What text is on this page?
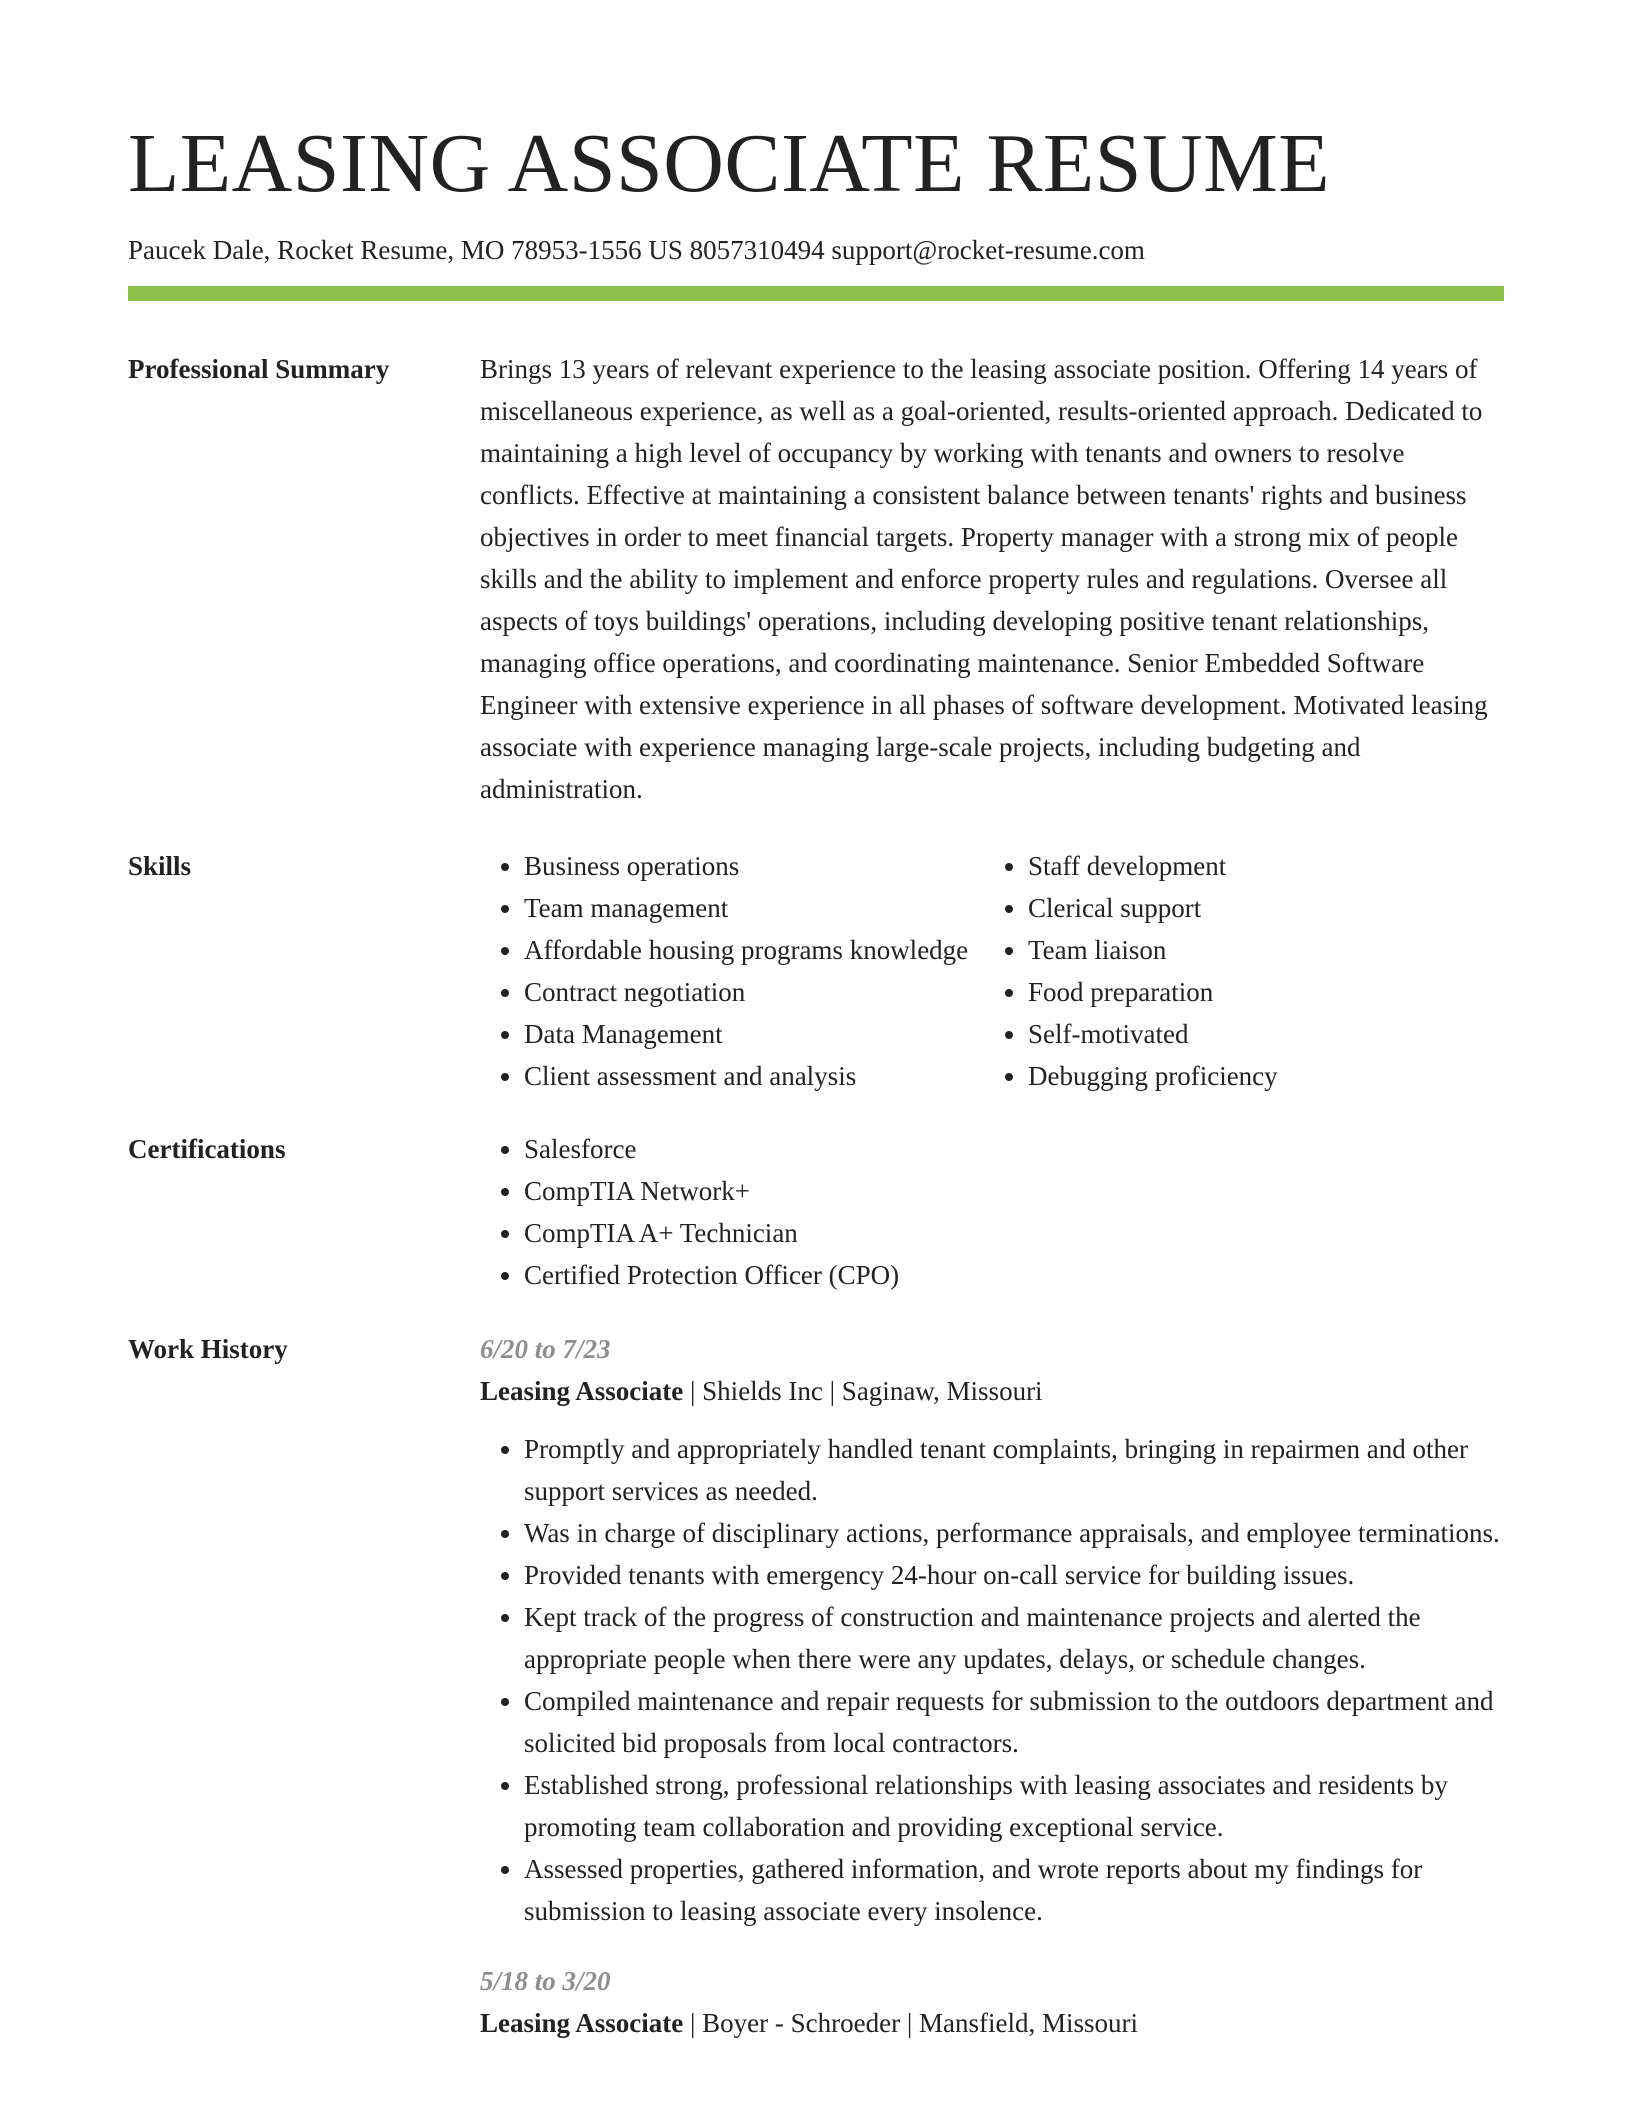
LEASING ASSOCIATE RESUME
Paucek Dale, Rocket Resume, MO 78953-1556 US 8057310494 support@rocket-resume.com
Professional Summary	Brings 13 years of relevant experience to the leasing associate position. Offering 14 years of miscellaneous experience, as well as a goal-oriented, results-oriented approach. Dedicated to maintaining a high level of occupancy by working with tenants and owners to resolve conflicts. Effective at maintaining a consistent balance between tenants' rights and business objectives in order to meet financial targets. Property manager with a strong mix of people skills and the ability to implement and enforce property rules and regulations. Oversee all aspects of toys buildings' operations, including developing positive tenant relationships, managing office operations, and coordinating maintenance. Senior Embedded Software Engineer with extensive experience in all phases of software development. Motivated leasing associate with experience managing large-scale projects, including budgeting and administration.

Skills	• Business operations
• Team management
• Affordable housing programs knowledge
• Contract negotiation
• Data Management
• Client assessment and analysis
• Staff development
• Clerical support
• Team liaison
• Food preparation
• Self-motivated
• Debugging proficiency
Certifications	• Salesforce
• CompTIA Network+
• CompTIA A+ Technician
• Certified Protection Officer (CPO)
Work History	6/20 to 7/23
Leasing Associate | Shields Inc | Saginaw, Missouri
• Promptly and appropriately handled tenant complaints, bringing in repairmen and other support services as needed.
• Was in charge of disciplinary actions, performance appraisals, and employee terminations.
• Provided tenants with emergency 24-hour on-call service for building issues.
• Kept track of the progress of construction and maintenance projects and alerted the appropriate people when there were any updates, delays, or schedule changes.
• Compiled maintenance and repair requests for submission to the outdoors department and solicited bid proposals from local contractors.
• Established strong, professional relationships with leasing associates and residents by promoting team collaboration and providing exceptional service.
• Assessed properties, gathered information, and wrote reports about my findings for submission to leasing associate every insolence.
5/18 to 3/20
Leasing Associate | Boyer - Schroeder | Mansfield, Missouri
